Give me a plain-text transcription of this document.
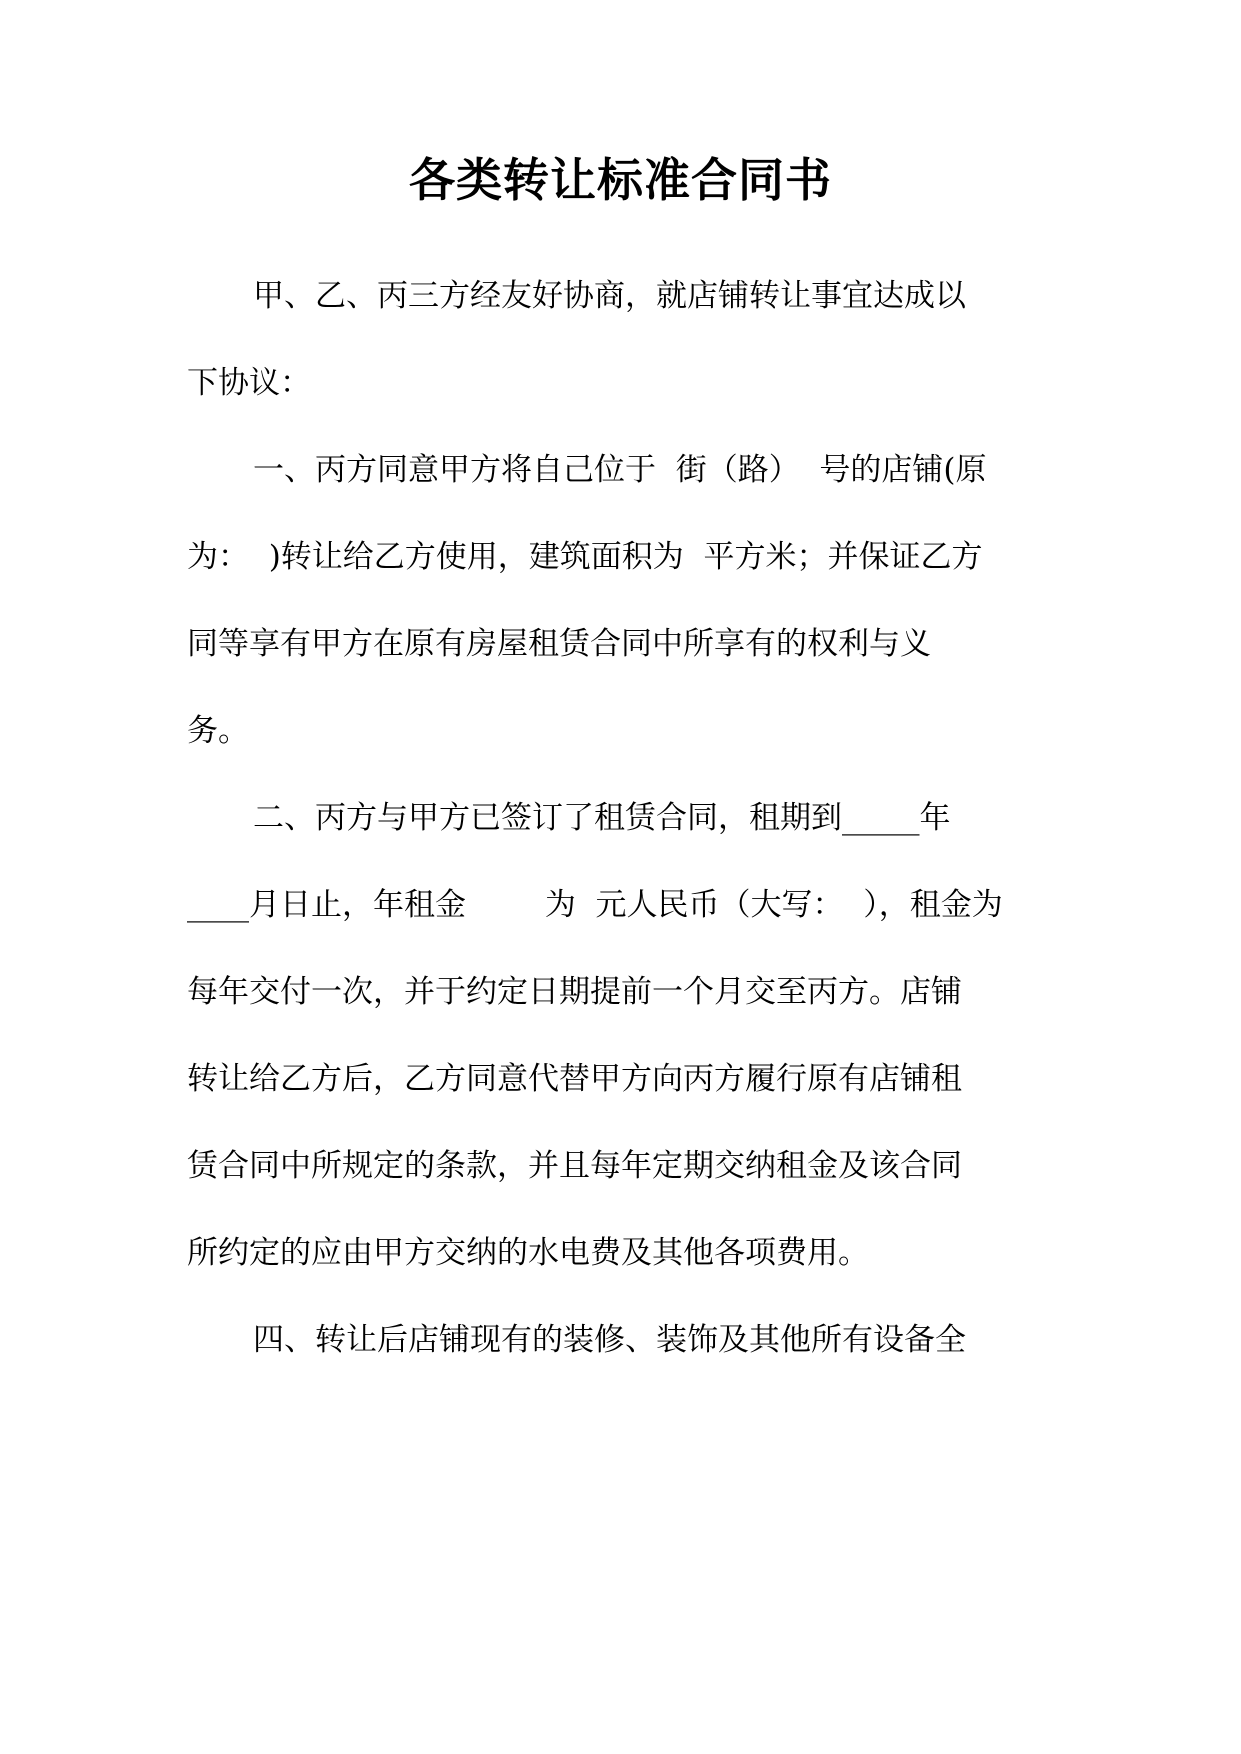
各类转让标准合同书
甲、乙、丙三方经友好协商，就店铺转让事宜达成以
下协议：
一、丙方同意甲方将自己位于  街（路）  号的店铺(原
为：  )转让给乙方使用，建筑面积为  平方米；并保证乙方
同等享有甲方在原有房屋租赁合同中所享有的权利与义
务。
二、丙方与甲方已签订了租赁合同，租期到_____年
____月日止，年租金        为  元人民币（大写：  ），租金为
每年交付一次，并于约定日期提前一个月交至丙方。店铺
转让给乙方后，乙方同意代替甲方向丙方履行原有店铺租
赁合同中所规定的条款，并且每年定期交纳租金及该合同
所约定的应由甲方交纳的水电费及其他各项费用。
四、转让后店铺现有的装修、装饰及其他所有设备全
